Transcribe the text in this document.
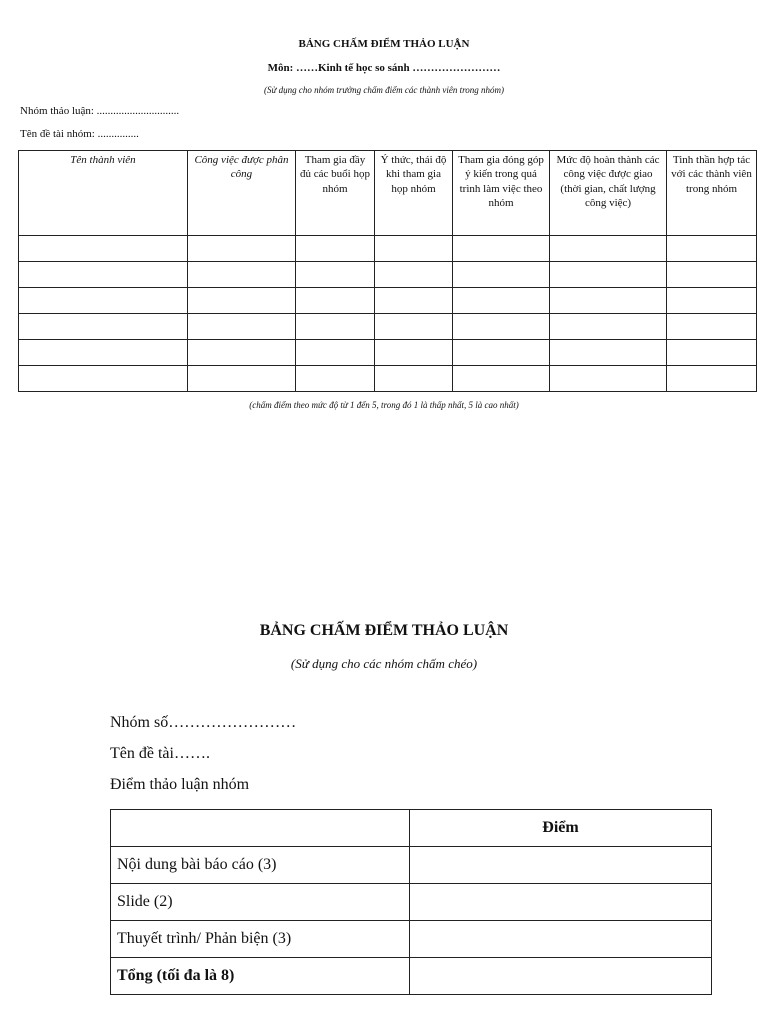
BẢNG CHẤM ĐIỂM THẢO LUẬN
Môn: ……Kinh tế học so sánh ……………………
(Sử dụng cho nhóm trưởng chấm điểm các thành viên trong nhóm)
Nhóm thảo luận: ..............................
Tên đề tài nhóm: ...............
Tên thành viên	Công việc được phân công	Tham gia đầy đủ các buổi họp nhóm	Ý thức, thái độ khi tham gia họp nhóm	Tham gia đóng góp ý kiến trong quá trình làm việc theo nhóm	Mức độ hoàn thành các công việc được giao (thời gian, chất lượng công việc)	Tinh thần hợp tác với các thành viên trong nhóm

(chấm điểm theo mức độ từ 1 đến 5, trong đó 1 là thấp nhất, 5 là cao nhất)
BẢNG CHẤM ĐIỂM THẢO LUẬN
(Sử dụng cho các nhóm chấm chéo)
Nhóm số……………………
Tên đề tài…….
Điểm thảo luận nhóm
	Điểm
Nội dung bài báo cáo (3)	
Slide (2)	
Thuyết trình/ Phản biện (3)	
Tổng (tối đa là 8)	
